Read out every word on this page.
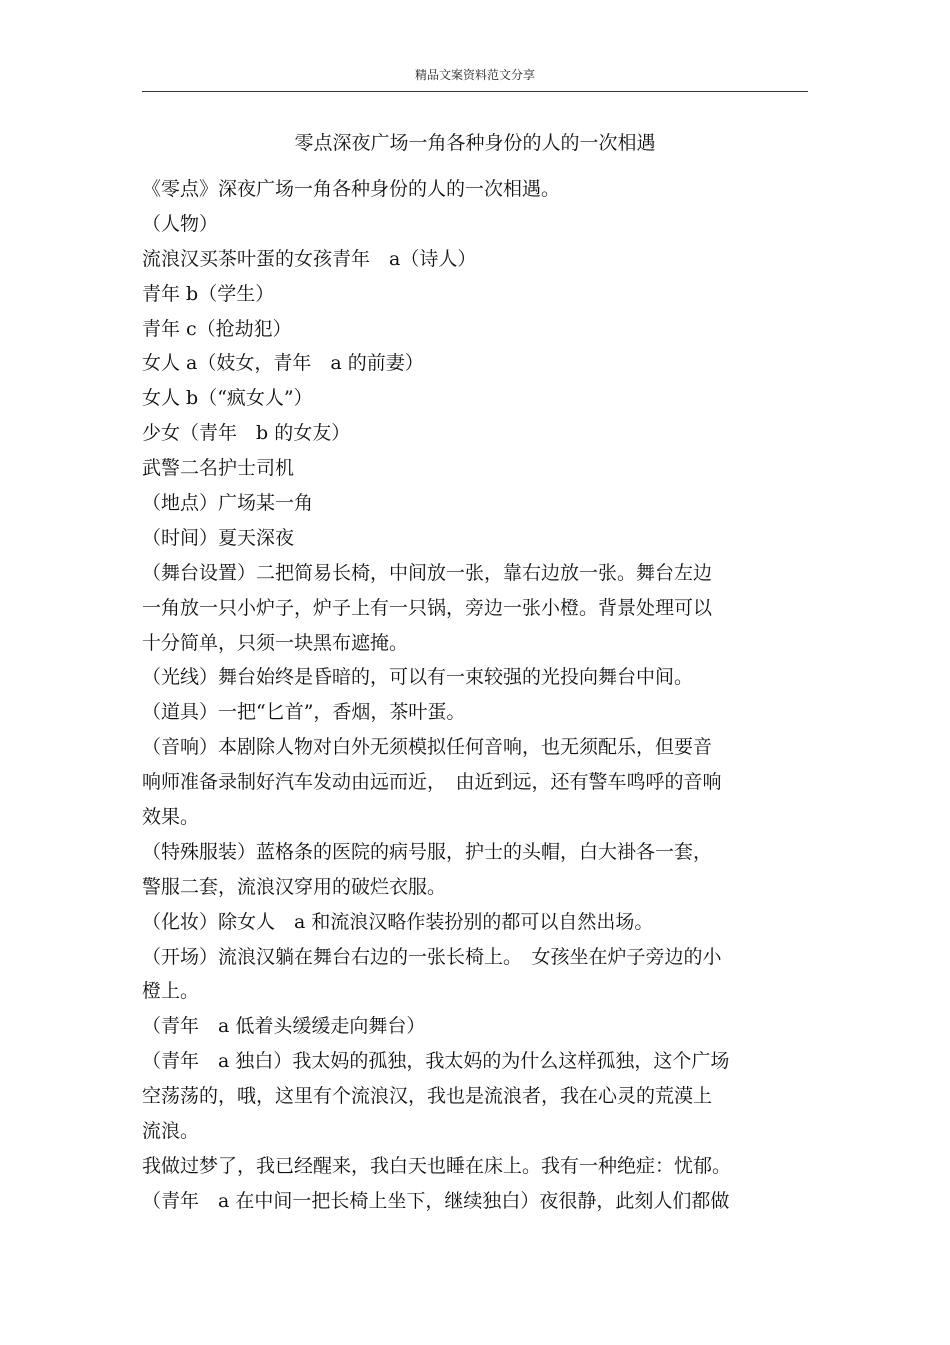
精品文案资料范文分享
零点深夜广场一角各种身份的人的一次相遇
《零点》深夜广场一角各种身份的人的一次相遇。
（人物）
流浪汉买茶叶蛋的女孩青年　a（诗人）
青年 b（学生）
青年 c（抢劫犯）
女人 a（妓女，青年　a 的前妻）
女人 b（“疯女人”）
少女（青年　b 的女友）
武警二名护士司机
（地点）广场某一角
（时间）夏天深夜
（舞台设置）二把简易长椅，中间放一张，靠右边放一张。舞台左边
一角放一只小炉子，炉子上有一只锅，旁边一张小橙。背景处理可以
十分简单，只须一块黑布遮掩。
（光线）舞台始终是昏暗的，可以有一束较强的光投向舞台中间。
（道具）一把“匕首”，香烟，茶叶蛋。
（音响）本剧除人物对白外无须模拟任何音响，也无须配乐，但要音
响师准备录制好汽车发动由远而近，　由近到远，还有警车鸣呼的音响
效果。
（特殊服装）蓝格条的医院的病号服，护士的头帽，白大褂各一套，
警服二套，流浪汉穿用的破烂衣服。
（化妆）除女人　a 和流浪汉略作装扮别的都可以自然出场。
（开场）流浪汉躺在舞台右边的一张长椅上。　女孩坐在炉子旁边的小
橙上。
（青年　a 低着头缓缓走向舞台）
（青年　a 独白）我太妈的孤独，我太妈的为什么这样孤独，这个广场
空荡荡的，哦，这里有个流浪汉，我也是流浪者，我在心灵的荒漠上
流浪。
我做过梦了，我已经醒来，我白天也睡在床上。我有一种绝症：忧郁。
（青年　a 在中间一把长椅上坐下，继续独白）夜很静，此刻人们都做
